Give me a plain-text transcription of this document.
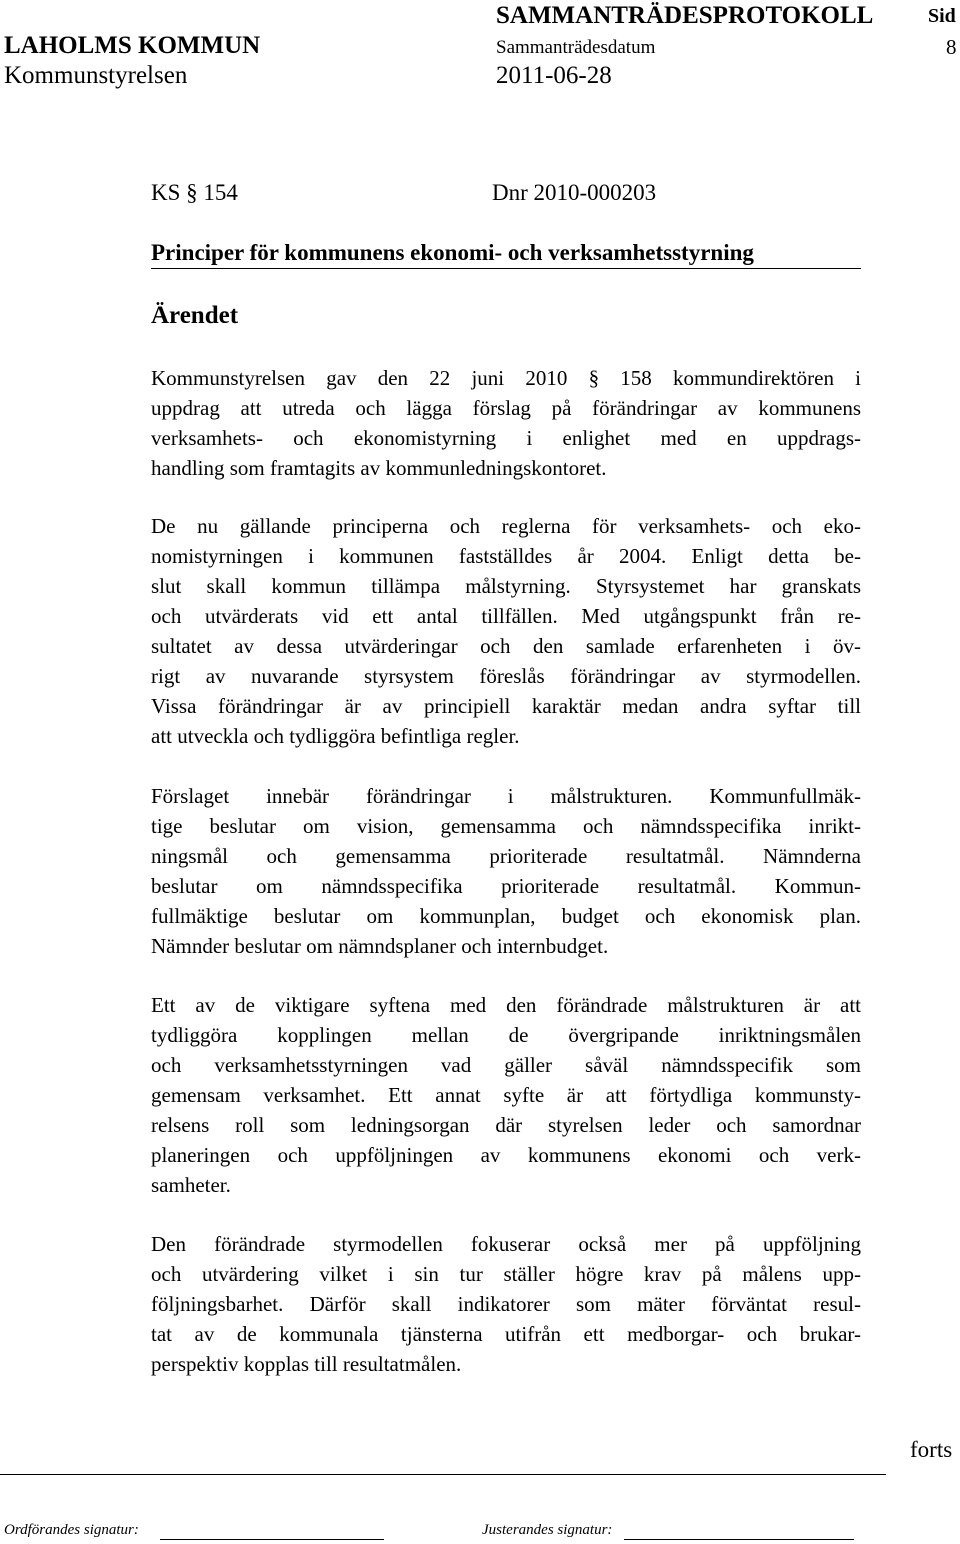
SAMMANTRÄDESPROTOKOLL	Sid
LAHOLMS KOMMUN	Sammanträdesdatum	8
Kommunstyrelsen	2011-06-28
KS § 154	Dnr 2010-000203
Principer för kommunens ekonomi- och verksamhetsstyrning
Ärendet
Kommunstyrelsen gav den 22 juni 2010 § 158 kommundirektören i
uppdrag att utreda och lägga förslag på förändringar av kommunens
verksamhets- och ekonomistyrning i enlighet med en uppdrags-
handling som framtagits av kommunledningskontoret.
De nu gällande principerna och reglerna för verksamhets- och eko-
nomistyrningen i kommunen fastställdes år 2004. Enligt detta be-
slut skall kommun tillämpa målstyrning. Styrsystemet har granskats
och utvärderats vid ett antal tillfällen. Med utgångspunkt från re-
sultatet av dessa utvärderingar och den samlade erfarenheten i öv-
rigt av nuvarande styrsystem föreslås förändringar av styrmodellen.
Vissa förändringar är av principiell karaktär medan andra syftar till
att utveckla och tydliggöra befintliga regler.
Förslaget innebär förändringar i målstrukturen. Kommunfullmäk-
tige beslutar om vision, gemensamma och nämndsspecifika inrikt-
ningsmål och gemensamma prioriterade resultatmål. Nämnderna
beslutar om nämndsspecifika prioriterade resultatmål. Kommun-
fullmäktige beslutar om kommunplan, budget och ekonomisk plan.
Nämnder beslutar om nämndsplaner och internbudget.
Ett av de viktigare syftena med den förändrade målstrukturen är att
tydliggöra kopplingen mellan de övergripande inriktningsmålen
och verksamhetsstyrningen vad gäller såväl nämndsspecifik som
gemensam verksamhet. Ett annat syfte är att förtydliga kommunsty-
relsens roll som ledningsorgan där styrelsen leder och samordnar
planeringen och uppföljningen av kommunens ekonomi och verk-
samheter.
Den förändrade styrmodellen fokuserar också mer på uppföljning
och utvärdering vilket i sin tur ställer högre krav på målens upp-
följningsbarhet. Därför skall indikatorer som mäter förväntat resul-
tat av de kommunala tjänsterna utifrån ett medborgar- och brukar-
perspektiv kopplas till resultatmålen.
forts
Ordförandes signatur:	Justerandes signatur:
